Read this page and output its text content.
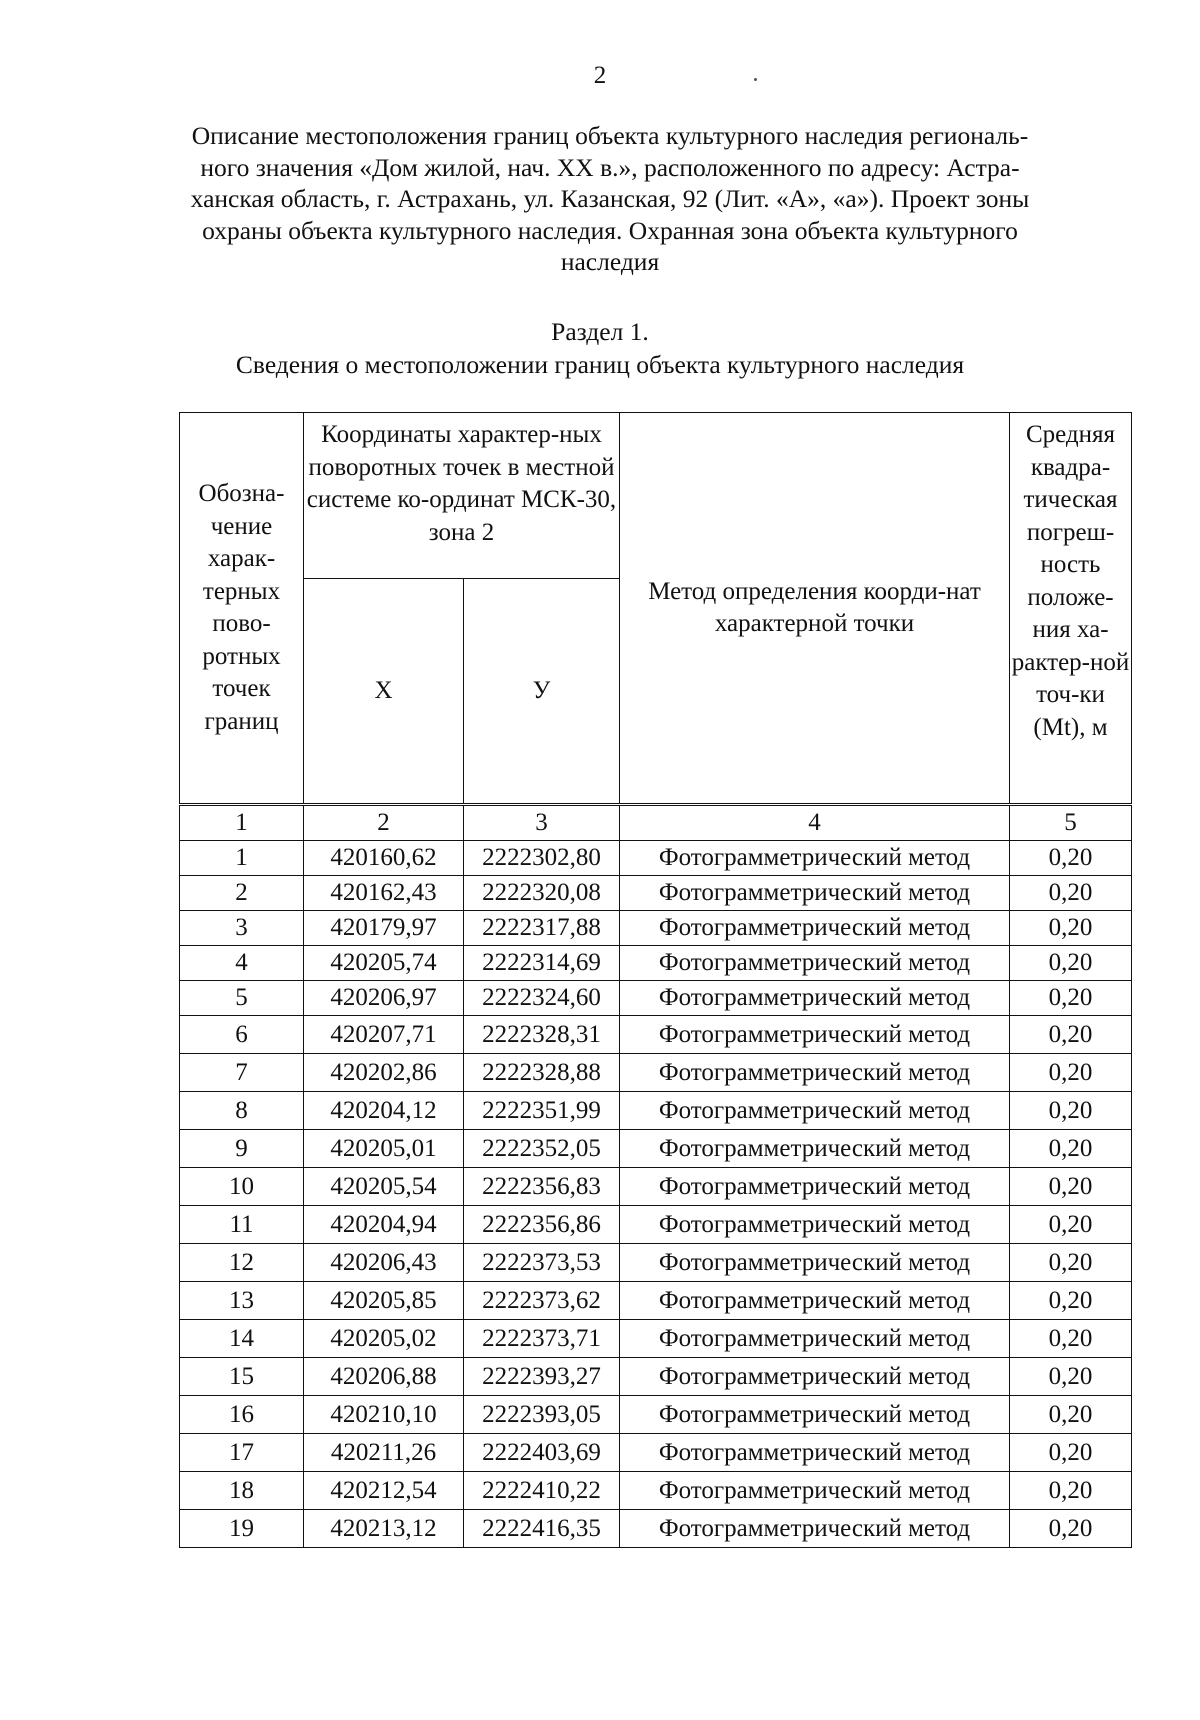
2
Описание местоположения границ объекта культурного наследия региональ-ного значения «Дом жилой, нач. XX в.», расположенного по адресу: Астра-ханская область, г. Астрахань, ул. Казанская, 92 (Лит. «А», «а»). Проект зоны охраны объекта культурного наследия. Охранная зона объекта культурного наследия
Раздел 1.
Сведения о местоположении границ объекта культурного наследия
Обозна-чение харак-терных пово-ротных точек границ	Координаты характер-ных поворотных точек в местной системе ко-ординат МСК-30, зона 2		Метод определения коорди-нат характерной точки	Средняя квадра-тическая погреш-ность положе-ния ха-рактер-ной точ-ки (Mt), м
	X	У		
1	2	3	4	5
1	420160,62	2222302,80	Фотограмметрический метод	0,20
2	420162,43	2222320,08	Фотограмметрический метод	0,20
3	420179,97	2222317,88	Фотограмметрический метод	0,20
4	420205,74	2222314,69	Фотограмметрический метод	0,20
5	420206,97	2222324,60	Фотограмметрический метод	0,20
6	420207,71	2222328,31	Фотограмметрический метод	0,20
7	420202,86	2222328,88	Фотограмметрический метод	0,20
8	420204,12	2222351,99	Фотограмметрический метод	0,20
9	420205,01	2222352,05	Фотограмметрический метод	0,20
10	420205,54	2222356,83	Фотограмметрический метод	0,20
11	420204,94	2222356,86	Фотограмметрический метод	0,20
12	420206,43	2222373,53	Фотограмметрический метод	0,20
13	420205,85	2222373,62	Фотограмметрический метод	0,20
14	420205,02	2222373,71	Фотограмметрический метод	0,20
15	420206,88	2222393,27	Фотограмметрический метод	0,20
16	420210,10	2222393,05	Фотограмметрический метод	0,20
17	420211,26	2222403,69	Фотограмметрический метод	0,20
18	420212,54	2222410,22	Фотограмметрический метод	0,20
19	420213,12	2222416,35	Фотограмметрический метод	0,20
